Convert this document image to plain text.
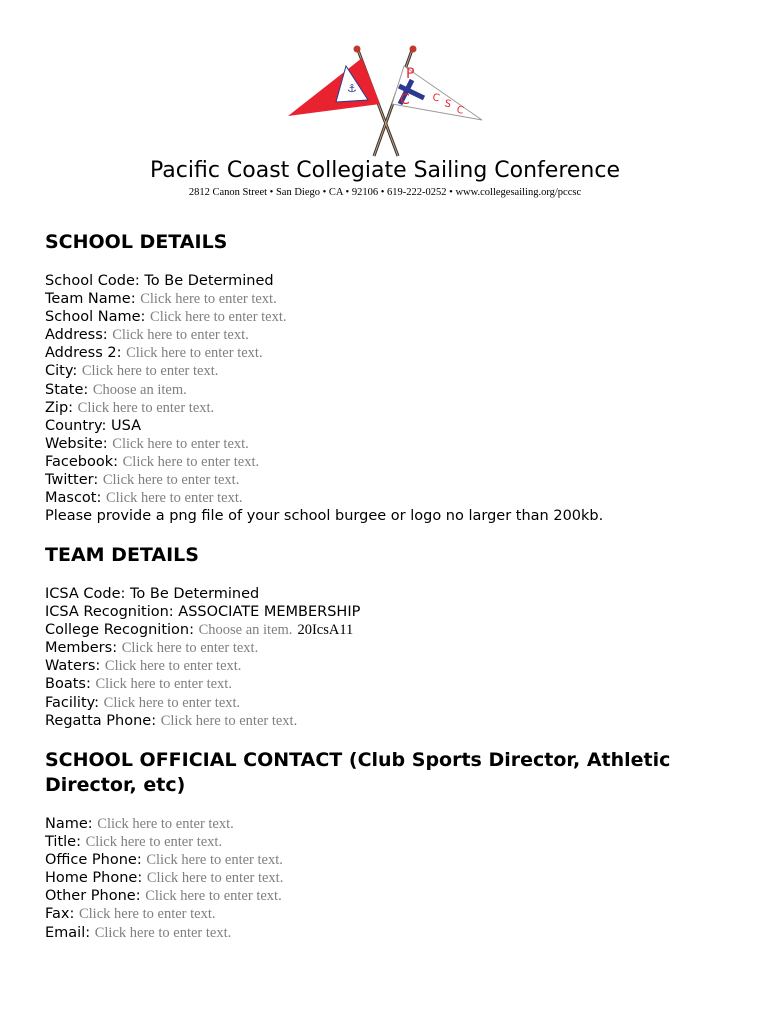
⚓
P
C C S C
Pacific Coast Collegiate Sailing Conference
2812 Canon Street • San Diego • CA • 92106 • 619-222-0252 • www.collegesailing.org/pccsc
SCHOOL DETAILS
School Code: To Be Determined
Team Name: Click here to enter text.
School Name: Click here to enter text.
Address: Click here to enter text.
Address 2: Click here to enter text.
City: Click here to enter text.
State: Choose an item.
Zip: Click here to enter text.
Country: USA
Website: Click here to enter text.
Facebook: Click here to enter text.
Twitter: Click here to enter text.
Mascot: Click here to enter text.
Please provide a png file of your school burgee or logo no larger than 200kb.
TEAM DETAILS
ICSA Code: To Be Determined
ICSA Recognition: ASSOCIATE MEMBERSHIP
College Recognition: Choose an item. 20IcsA11
Members: Click here to enter text.
Waters: Click here to enter text.
Boats: Click here to enter text.
Facility: Click here to enter text.
Regatta Phone: Click here to enter text.
SCHOOL OFFICIAL CONTACT (Club Sports Director, Athletic
Director, etc)
Name: Click here to enter text.
Title: Click here to enter text.
Office Phone: Click here to enter text.
Home Phone: Click here to enter text.
Other Phone: Click here to enter text.
Fax: Click here to enter text.
Email: Click here to enter text.
